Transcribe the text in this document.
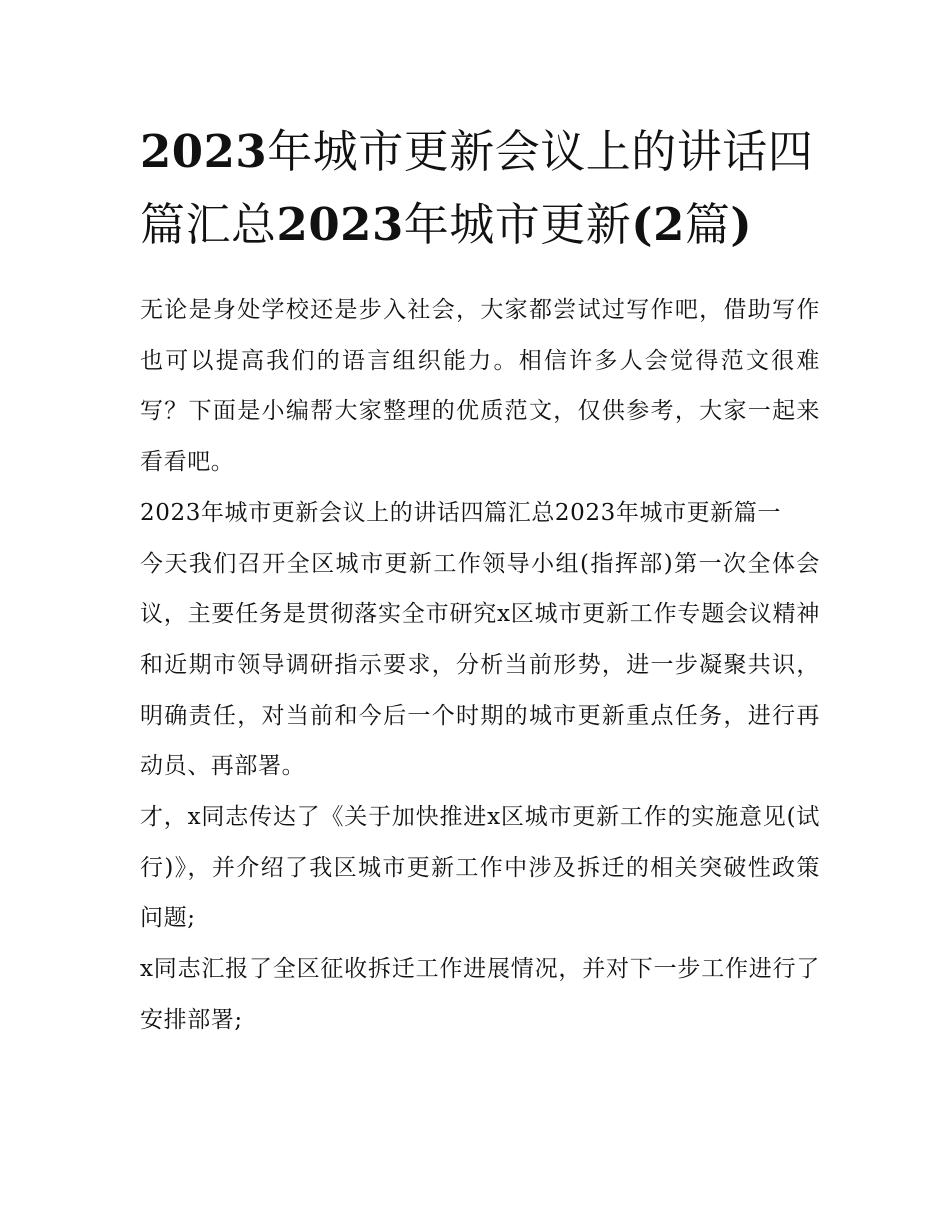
2023年城市更新会议上的讲话四篇汇总2023年城市更新(2篇)

无论是身处学校还是步入社会，大家都尝试过写作吧，借助写作也可以提高我们的语言组织能力。相信许多人会觉得范文很难写？下面是小编帮大家整理的优质范文，仅供参考，大家一起来看看吧。

2023年城市更新会议上的讲话四篇汇总2023年城市更新篇一

今天我们召开全区城市更新工作领导小组(指挥部)第一次全体会议，主要任务是贯彻落实全市研究x区城市更新工作专题会议精神和近期市领导调研指示要求，分析当前形势，进一步凝聚共识，明确责任，对当前和今后一个时期的城市更新重点任务，进行再动员、再部署。

才，x同志传达了《关于加快推进x区城市更新工作的实施意见(试行)》，并介绍了我区城市更新工作中涉及拆迁的相关突破性政策问题;

x同志汇报了全区征收拆迁工作进展情况，并对下一步工作进行了安排部署;
